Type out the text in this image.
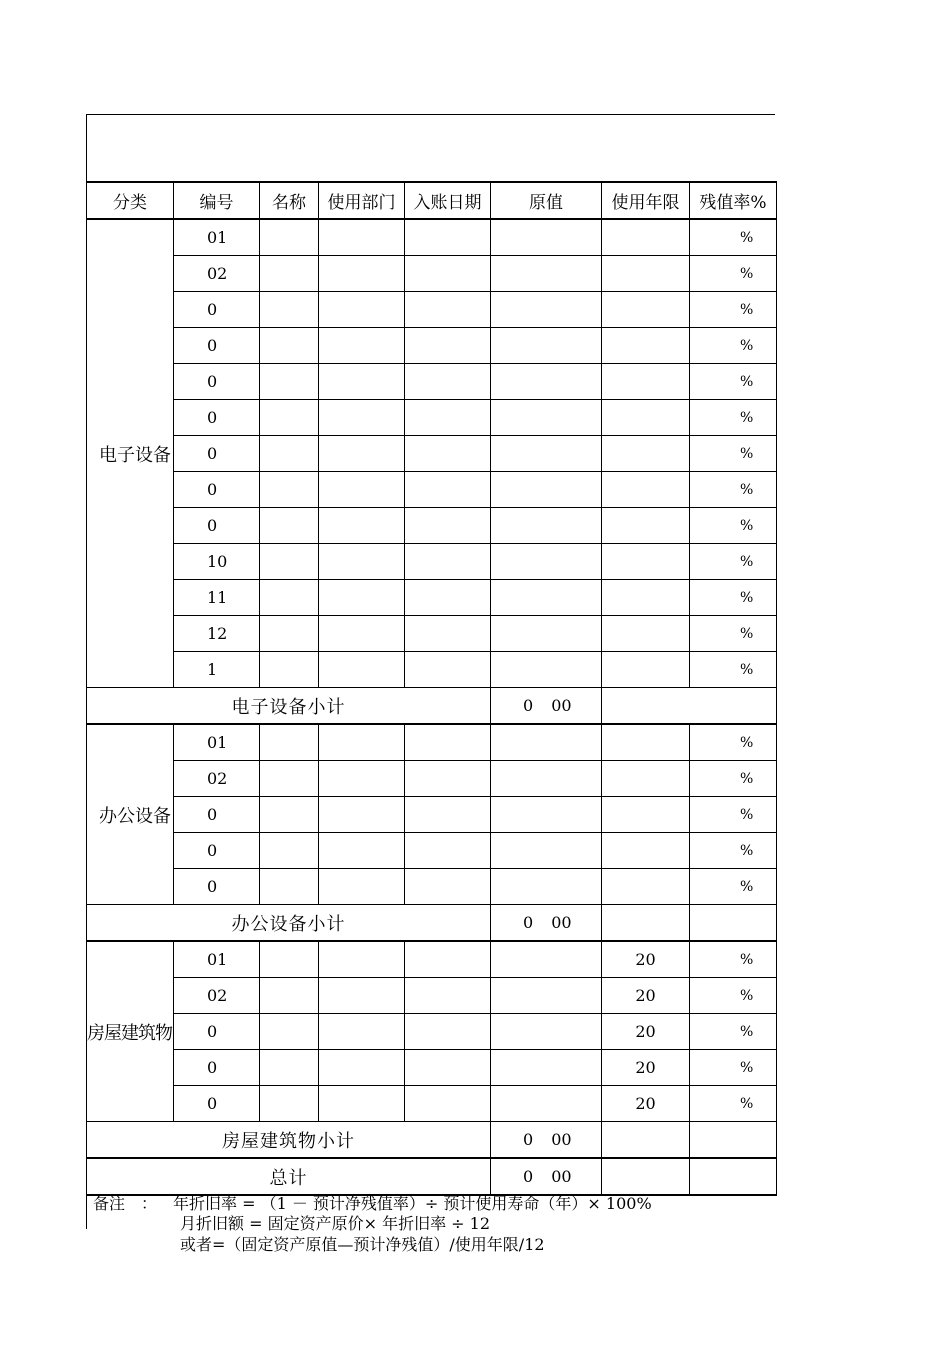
分类	编号	名称	使用部门	入账日期	原值	使用年限	残值率%
电子设备	01						%
	02						%
	0						%
	0						%
	0						%
	0						%
	0						%
	0						%
	0						%
	10						%
	11						%
	12						%
	1						%
电子设备小计					0 00		
办公设备	01						%
	02						%
	0						%
	0						%
	0						%
办公设备小计					0 00		
房屋建筑物	01					20	%
	02					20	%
	0					20	%
	0					20	%
	0					20	%
房屋建筑物小计					0 00		
总计					0 00		
备注　： 年折旧率 = （1 － 预计净残值率）÷ 预计使用寿命（年）× 100%
月折旧额 = 固定资产原价× 年折旧率 ÷ 12
或者=（固定资产原值—预计净残值）/使用年限/12
